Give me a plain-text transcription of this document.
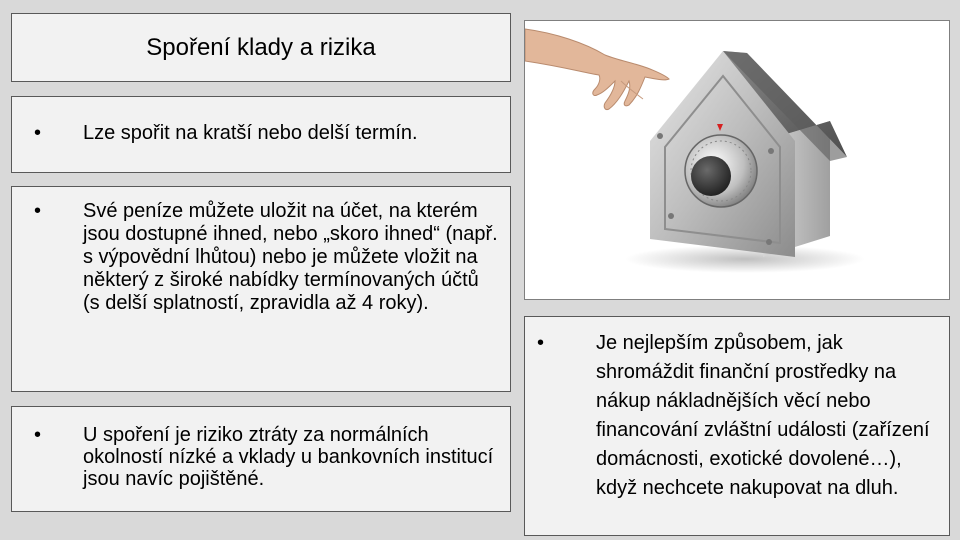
Spoření klady a rizika
• Lze spořit na kratší nebo delší termín.
• Své peníze můžete uložit na účet, na kterém jsou dostupné ihned, nebo „skoro ihned“ (např. s výpovědní lhůtou) nebo je můžete vložit na některý z široké nabídky termínovaných účtů (s delší splatností, zpravidla až 4 roky).
• U spoření je riziko ztráty za normálních okolností nízké a vklady u bankovních institucí jsou navíc pojištěné.
•	Je nejlepším způsobem, jak shromáždit finanční prostředky na nákup nákladnějších věcí nebo financování zvláštní události (zařízení domácnosti, exotické dovolené…), když nechcete nakupovat na dluh.
